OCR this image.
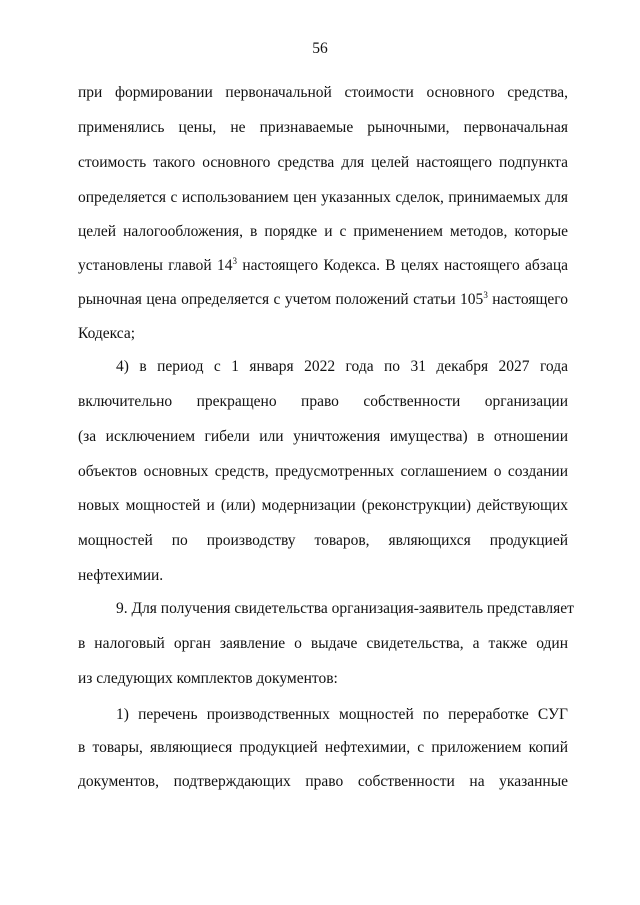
56
при формировании первоначальной стоимости основного средства,
применялись цены, не признаваемые рыночными, первоначальная
стоимость такого основного средства для целей настоящего подпункта
определяется с использованием цен указанных сделок, принимаемых для
целей налогообложения, в порядке и с применением методов, которые
установлены главой $14^3$ настоящего Кодекса. В целях настоящего абзаца
рыночная цена определяется с учетом положений статьи $105^3$ настоящего
Кодекса;
4) в период с 1 января 2022 года по 31 декабря 2027 года
включительно прекращено право собственности организации
(за исключением гибели или уничтожения имущества) в отношении
объектов основных средств, предусмотренных соглашением о создании
новых мощностей и (или) модернизации (реконструкции) действующих
мощностей по производству товаров, являющихся продукцией
нефтехимии.
9. Для получения свидетельства организация-заявитель представляет
в налоговый орган заявление о выдаче свидетельства, а также один
из следующих комплектов документов:
1) перечень производственных мощностей по переработке СУГ
в товары, являющиеся продукцией нефтехимии, с приложением копий
документов, подтверждающих право собственности на указанные
